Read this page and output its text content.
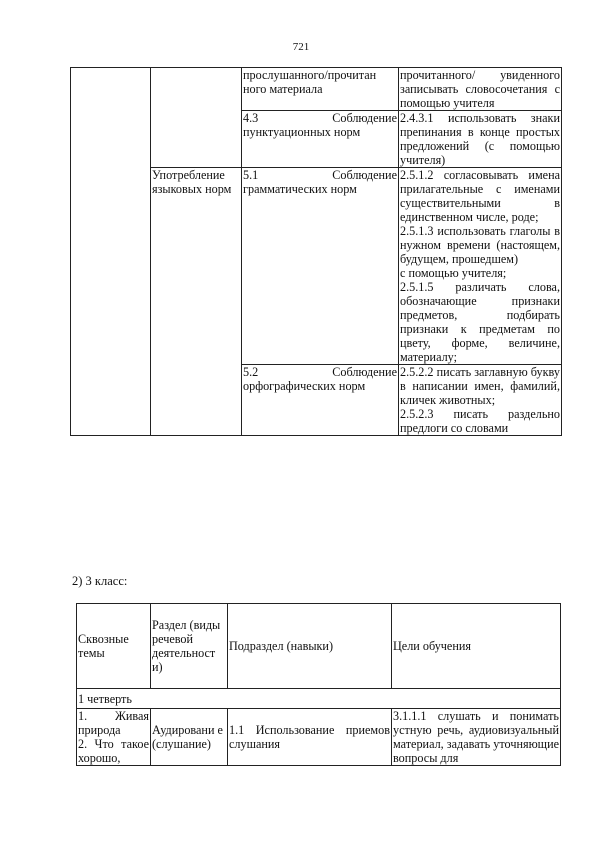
721
		прослушанного/прочитан ного материала	прочитанного/ увиденного записывать словосочетания с помощью учителя
		4.3 Соблюдение пунктуационных норм	2.4.3.1 использовать знаки препинания в конце простых предложений (с помощью учителя)
	Употребление языковых норм	5.1 Соблюдение грамматических норм	2.5.1.2 согласовывать имена прилагательные с именами существительными в единственном числе, роде;
2.5.1.3 использовать глаголы в нужном времени (настоящем, будущем, прошедшем)
с помощью учителя;
2.5.1.5 различать слова, обозначающие признаки предметов, подбирать признаки к предметам по цвету, форме, величине, материалу;

		5.2 Соблюдение орфографических норм	2.5.2.2 писать заглавную букву в написании имен, фамилий, кличек животных;
2.5.2.3 писать раздельно предлоги со словами
2) 3 класс:
Сквозные темы	Раздел (виды речевой деятельност и)	Подраздел (навыки)	Цели обучения
1 четверть			

1. Живая природа
2. Что такое хорошо,	Аудировани е (слушание)	1.1 Использование приемов слушания	3.1.1.1 слушать и понимать устную речь, аудиовизуальный материал, задавать уточняющие вопросы для
